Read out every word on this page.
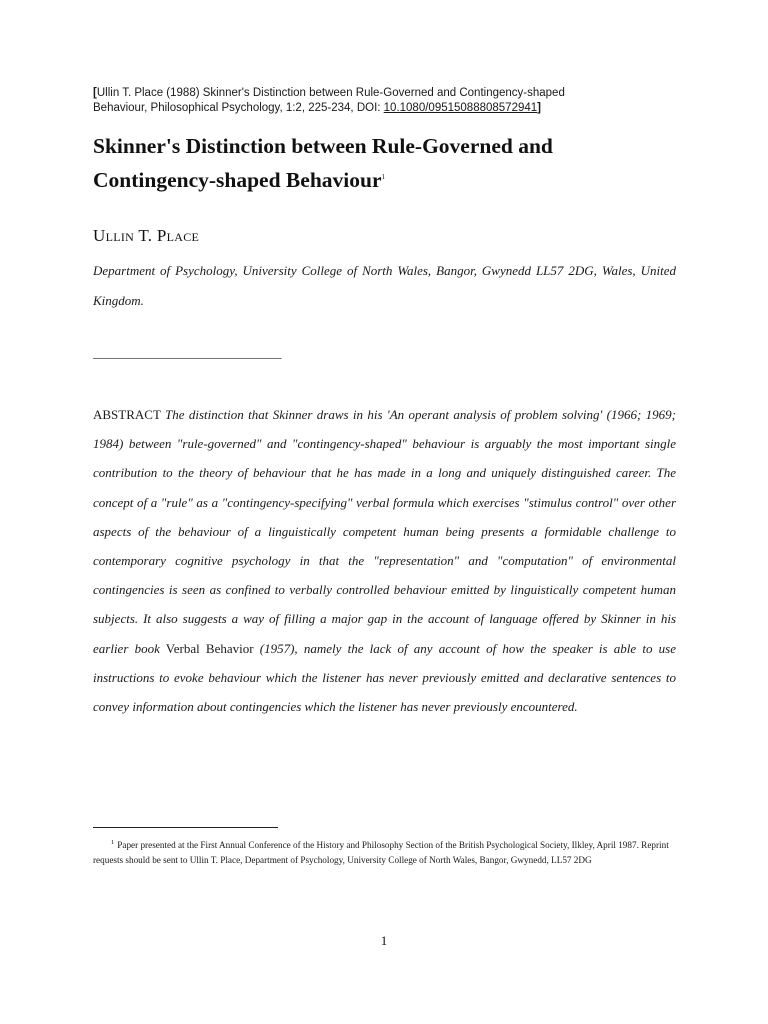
[Ullin T. Place (1988) Skinner's Distinction between Rule-Governed and Contingency-shaped Behaviour, Philosophical Psychology, 1:2, 225-234, DOI: 10.1080/09515088808572941]
Skinner's Distinction between Rule-Governed and
Contingency-shaped Behaviour$^1$
Ullin T. Place
Department of Psychology, University College of North Wales, Bangor, Gwynedd LL57 2DG, Wales, United Kingdom.
_____________________________
ABSTRACT The distinction that Skinner draws in his 'An operant analysis of problem solving' (1966; 1969; 1984) between "rule-governed" and "contingency-shaped" behaviour is arguably the most important single contribution to the theory of behaviour that he has made in a long and uniquely distinguished career. The concept of a "rule" as a "contingency-specifying" verbal formula which exercises "stimulus control" over other aspects of the behaviour of a linguistically competent human being presents a formidable challenge to contemporary cognitive psychology in that the "representation" and "computation" of environmental contingencies is seen as confined to verbally controlled behaviour emitted by linguistically competent human subjects. It also suggests a way of filling a major gap in the account of language offered by Skinner in his earlier book Verbal Behavior (1957), namely the lack of any account of how the speaker is able to use instructions to evoke behaviour which the listener has never previously emitted and declarative sentences to convey information about contingencies which the listener has never previously encountered.
$^1$ Paper presented at the First Annual Conference of the History and Philosophy Section of the British Psychological Society, Ilkley, April 1987. Reprint requests should be sent to Ullin T. Place, Department of Psychology, University College of North Wales, Bangor, Gwynedd, LL57 2DG
1
